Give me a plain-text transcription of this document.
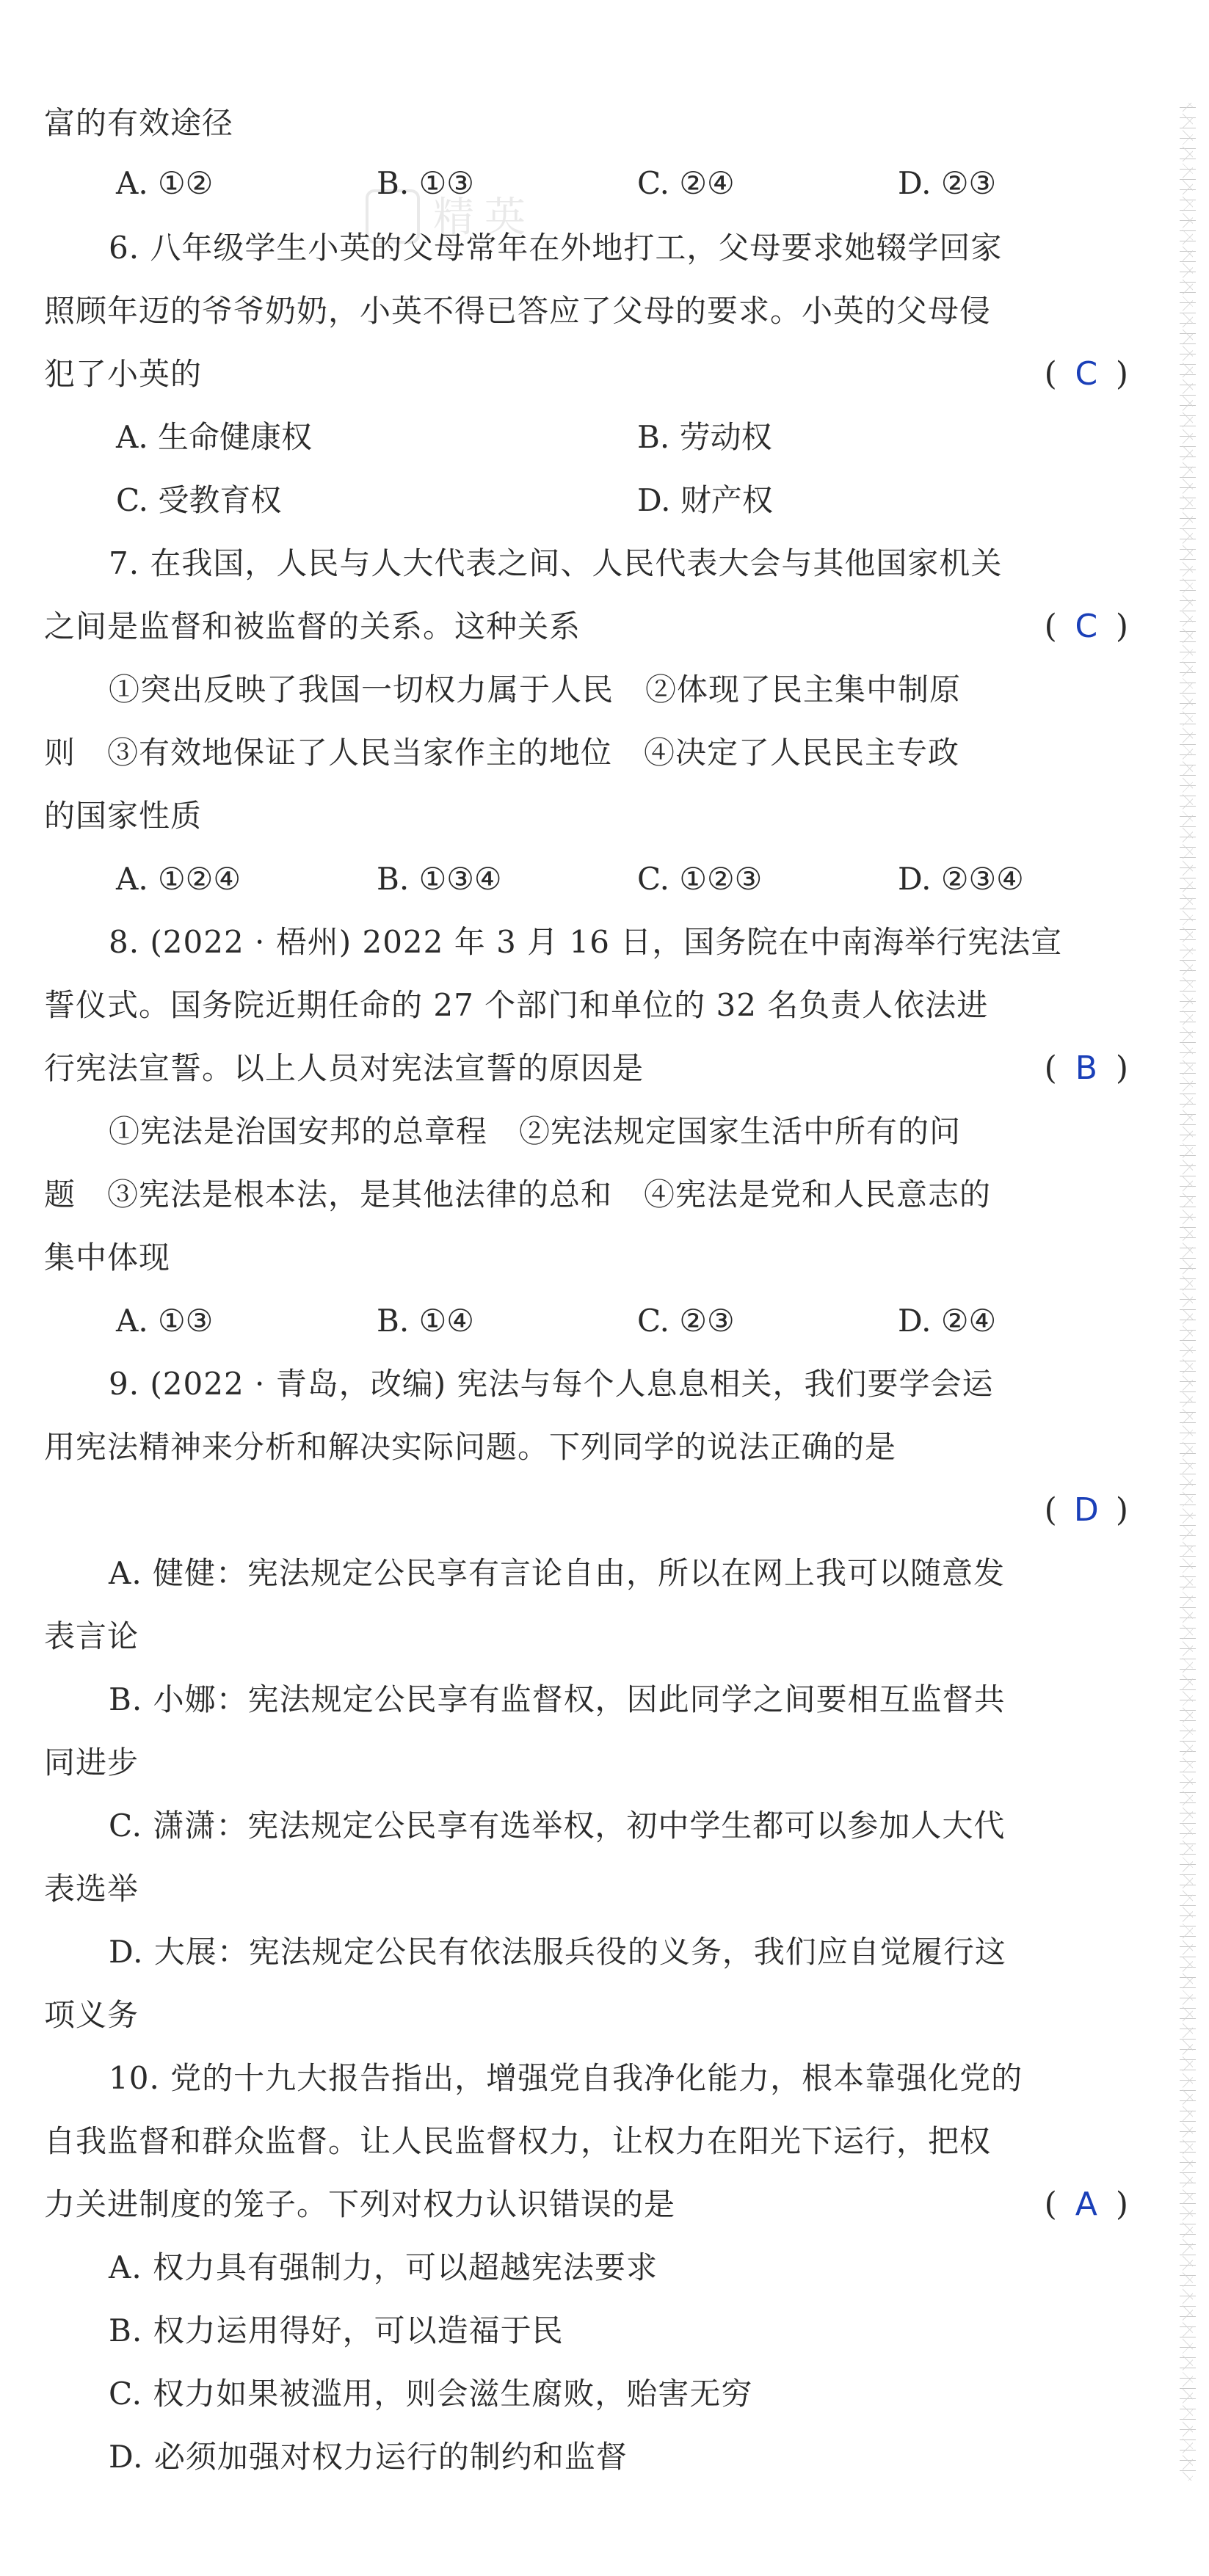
精 英
富的有效途径
A. ①②	B. ①③	C. ②④	D. ②③
6. 八年级学生小英的父母常年在外地打工，父母要求她辍学回家
照顾年迈的爷爷奶奶，小英不得已答应了父母的要求。小英的父母侵
犯了小英的	( C )
A. 生命健康权	B. 劳动权
C. 受教育权	D. 财产权
7. 在我国，人民与人大代表之间、人民代表大会与其他国家机关
之间是监督和被监督的关系。这种关系	( C )
①突出反映了我国一切权力属于人民　②体现了民主集中制原
则　③有效地保证了人民当家作主的地位　④决定了人民民主专政
的国家性质
A. ①②④	B. ①③④	C. ①②③	D. ②③④
8. (2022 · 梧州) 2022 年 3 月 16 日，国务院在中南海举行宪法宣
誓仪式。国务院近期任命的 27 个部门和单位的 32 名负责人依法进
行宪法宣誓。以上人员对宪法宣誓的原因是	( B )
①宪法是治国安邦的总章程　②宪法规定国家生活中所有的问
题　③宪法是根本法，是其他法律的总和　④宪法是党和人民意志的
集中体现
A. ①③	B. ①④	C. ②③	D. ②④
9. (2022 · 青岛，改编) 宪法与每个人息息相关，我们要学会运
用宪法精神来分析和解决实际问题。下列同学的说法正确的是
( D )
A. 健健：宪法规定公民享有言论自由，所以在网上我可以随意发
表言论
B. 小娜：宪法规定公民享有监督权，因此同学之间要相互监督共
同进步
C. 潇潇：宪法规定公民享有选举权，初中学生都可以参加人大代
表选举
D. 大展：宪法规定公民有依法服兵役的义务，我们应自觉履行这
项义务
10. 党的十九大报告指出，增强党自我净化能力，根本靠强化党的
自我监督和群众监督。让人民监督权力，让权力在阳光下运行，把权
力关进制度的笼子。下列对权力认识错误的是	( A )
A. 权力具有强制力，可以超越宪法要求
B. 权力运用得好，可以造福于民
C. 权力如果被滥用，则会滋生腐败，贻害无穷
D. 必须加强对权力运行的制约和监督
